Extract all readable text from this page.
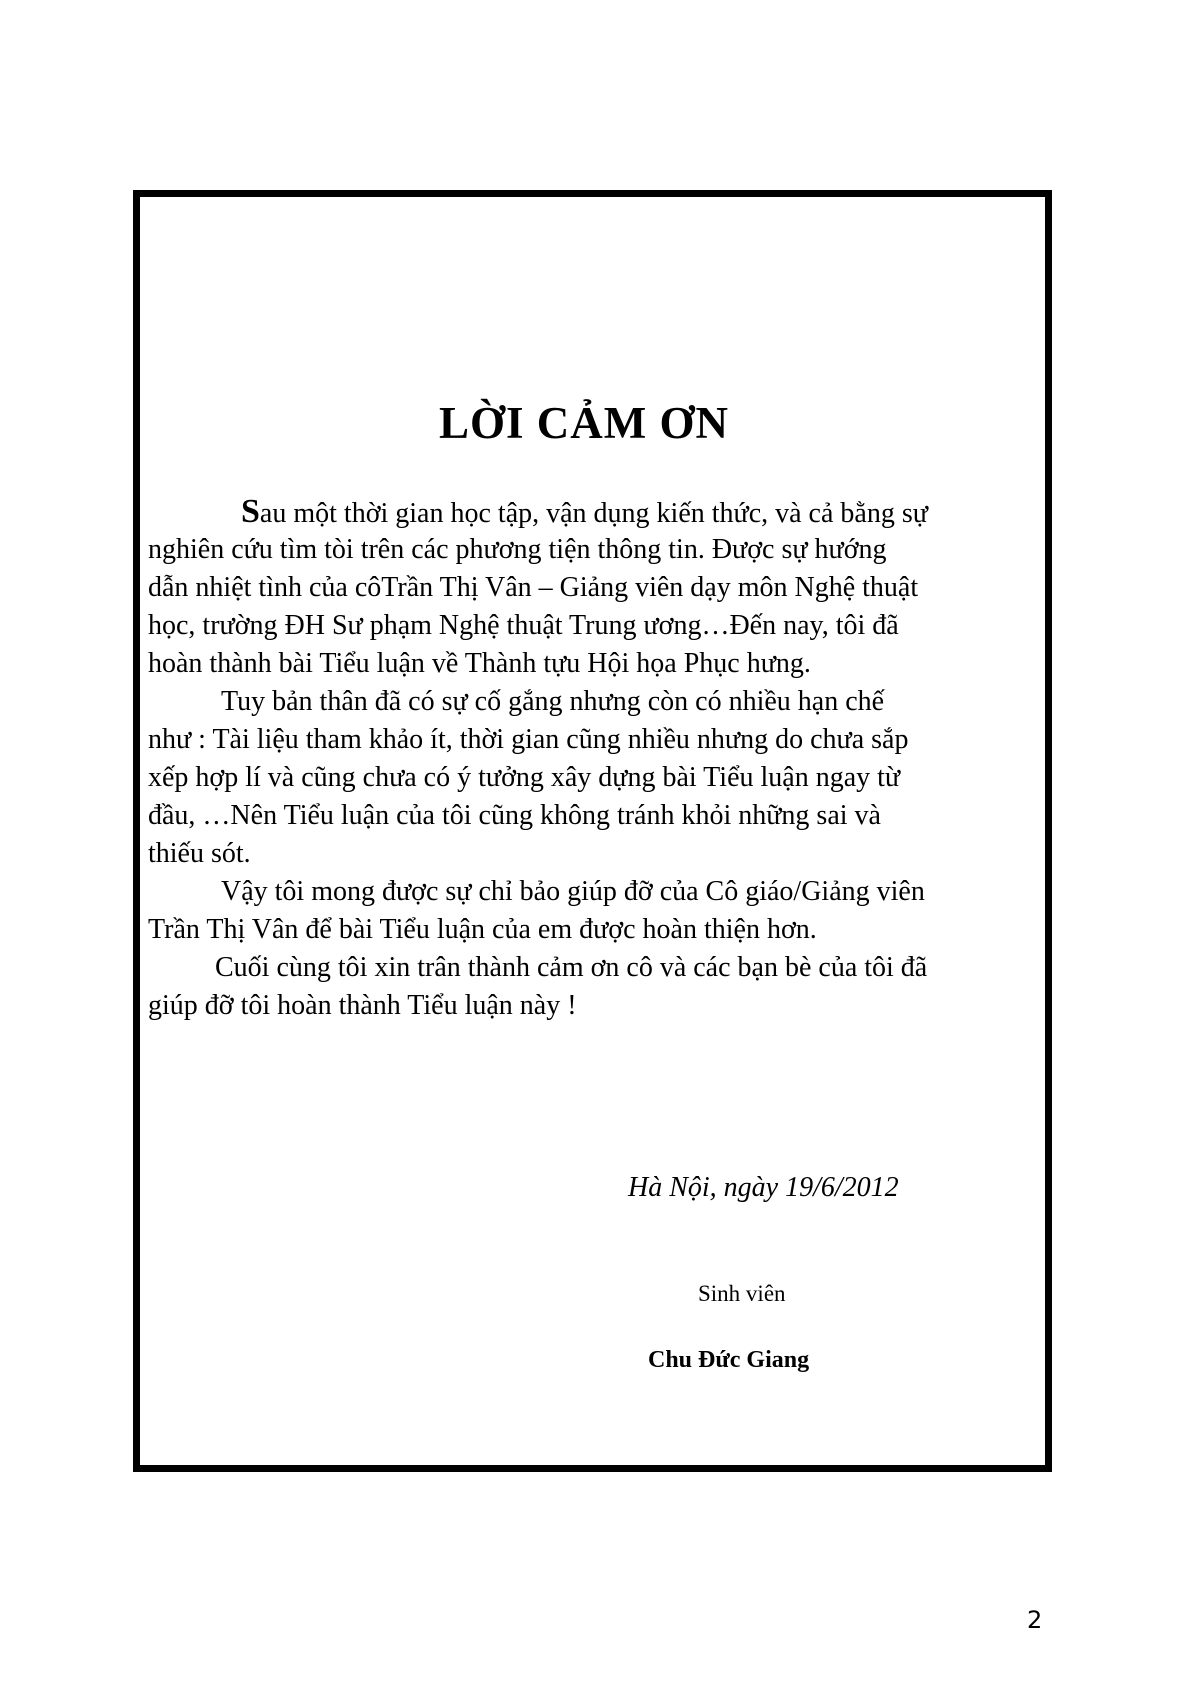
LỜI CẢM ƠN
Sau một thời gian học tập, vận dụng kiến thức, và cả bằng sự
nghiên cứu tìm tòi trên các phương tiện thông tin. Được sự hướng
dẫn nhiệt tình của côTrần Thị Vân – Giảng viên dạy môn Nghệ thuật
học, trường ĐH Sư phạm Nghệ thuật Trung ương…Đến nay, tôi đã
hoàn thành bài Tiểu luận về Thành tựu Hội họa Phục hưng.
Tuy bản thân đã có sự cố gắng nhưng còn có nhiều hạn chế
như : Tài liệu tham khảo ít, thời gian cũng nhiều nhưng do chưa sắp
xếp hợp lí và cũng chưa có ý tưởng xây dựng bài Tiểu luận ngay từ
đầu, …Nên Tiểu luận của tôi cũng không tránh khỏi những sai và
thiếu sót.
Vậy tôi mong được sự chỉ bảo giúp đỡ của Cô giáo/Giảng viên
Trần Thị Vân để bài Tiểu luận của em được hoàn thiện hơn.
Cuối cùng tôi xin trân thành cảm ơn cô và các bạn bè của tôi đã
giúp đỡ tôi hoàn thành Tiểu luận này !
Hà Nội, ngày 19/6/2012
Sinh viên
Chu Đức Giang
2
